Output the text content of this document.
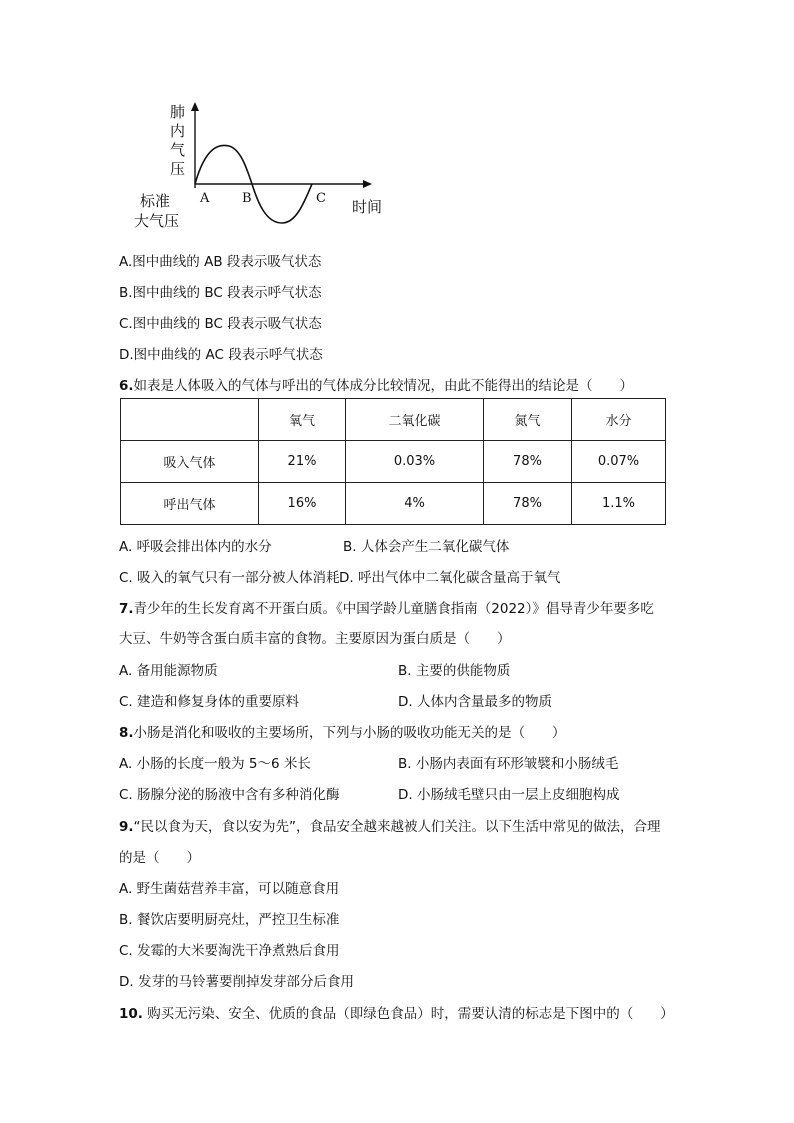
肺
内
气
压
标准
大气压
时间
A	B	C
A.图中曲线的 AB 段表示吸气状态
B.图中曲线的 BC 段表示呼气状态
C.图中曲线的 BC 段表示吸气状态
D.图中曲线的 AC 段表示呼气状态
6.如表是人体吸入的气体与呼出的气体成分比较情况，由此不能得出的结论是（　　）
	氧气	二氧化碳	氮气	水分
吸入气体	21%	0.03%	78%	0.07%
呼出气体	16%	4%	78%	1.1%
A. 呼吸会排出体内的水分	B. 人体会产生二氧化碳气体
C. 吸入的氧气只有一部分被人体消耗 D. 呼出气体中二氧化碳含量高于氧气
7.青少年的生长发育离不开蛋白质。《中国学龄儿童膳食指南（2022）》倡导青少年要多吃
大豆、牛奶等含蛋白质丰富的食物。主要原因为蛋白质是（　　）
A. 备用能源物质	B. 主要的供能物质
C. 建造和修复身体的重要原料	D. 人体内含量最多的物质
8.小肠是消化和吸收的主要场所，下列与小肠的吸收功能无关的是（　　）
A. 小肠的长度一般为 5～6 米长	B. 小肠内表面有环形皱襞和小肠绒毛
C. 肠腺分泌的肠液中含有多种消化酶	D. 小肠绒毛壁只由一层上皮细胞构成
9.“民以食为天，食以安为先”，食品安全越来越被人们关注。以下生活中常见的做法，合理
的是（　　）
A. 野生菌菇营养丰富，可以随意食用
B. 餐饮店要明厨亮灶，严控卫生标准
C. 发霉的大米要淘洗干净煮熟后食用
D. 发芽的马铃薯要削掉发芽部分后食用
10. 购买无污染、安全、优质的食品（即绿色食品）时，需要认清的标志是下图中的（　　）
